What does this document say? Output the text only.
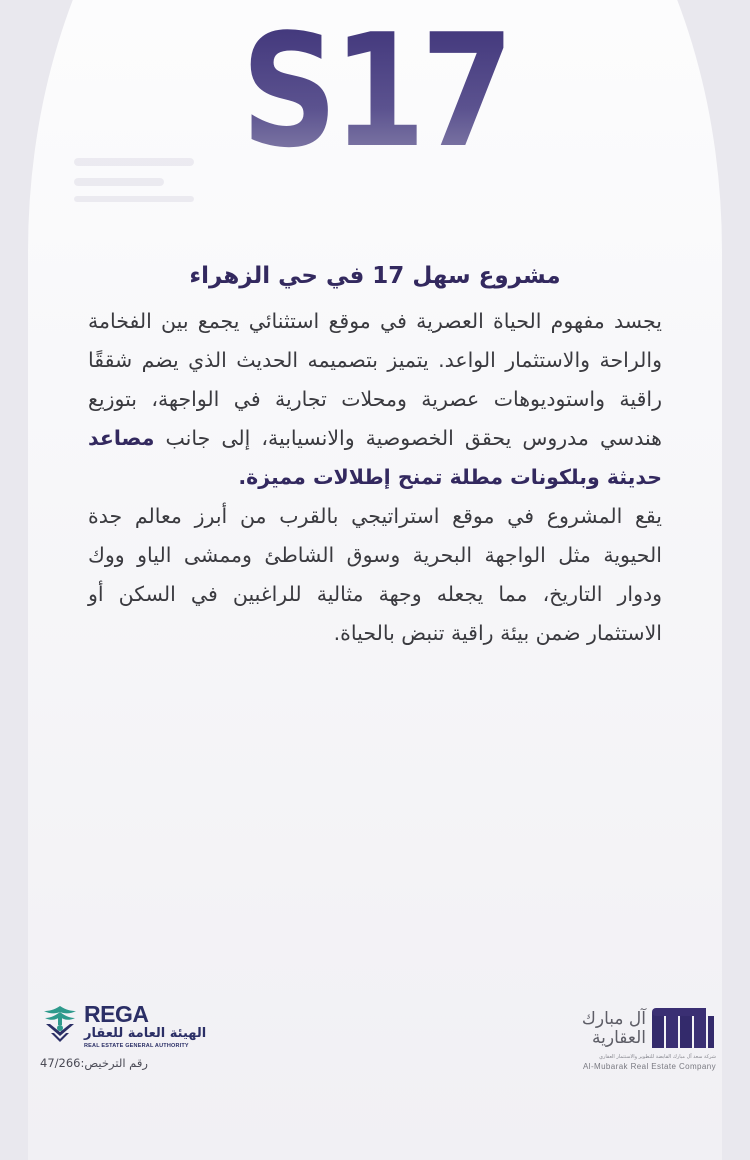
S17
مشروع سهل 17 في حي الزهراء

يجسد مفهوم الحياة العصرية في موقع استثنائي يجمع بين الفخامة والراحة والاستثمار الواعد. يتميز بتصميمه الحديث الذي يضم شققًا راقية واستوديوهات عصرية ومحلات تجارية في الواجهة، بتوزيع هندسي مدروس يحقق الخصوصية والانسيابية، إلى جانب مصاعد حديثة وبلكونات مطلة تمنح إطلالات مميزة.

يقع المشروع في موقع استراتيجي بالقرب من أبرز معالم جدة الحيوية مثل الواجهة البحرية وسوق الشاطئ وممشى الياو ووك ودوار التاريخ، مما يجعله وجهة مثالية للراغبين في السكن أو الاستثمار ضمن بيئة راقية تنبض بالحياة.

REGA
الهيئة العامة للعقار
REAL ESTATE GENERAL AUTHORITY
رقم الترخيص:47/266
آل مبارك
العقارية
شركة سعد آل مبارك القابضة للتطوير والاستثمار العقاري
Al-Mubarak Real Estate Company
